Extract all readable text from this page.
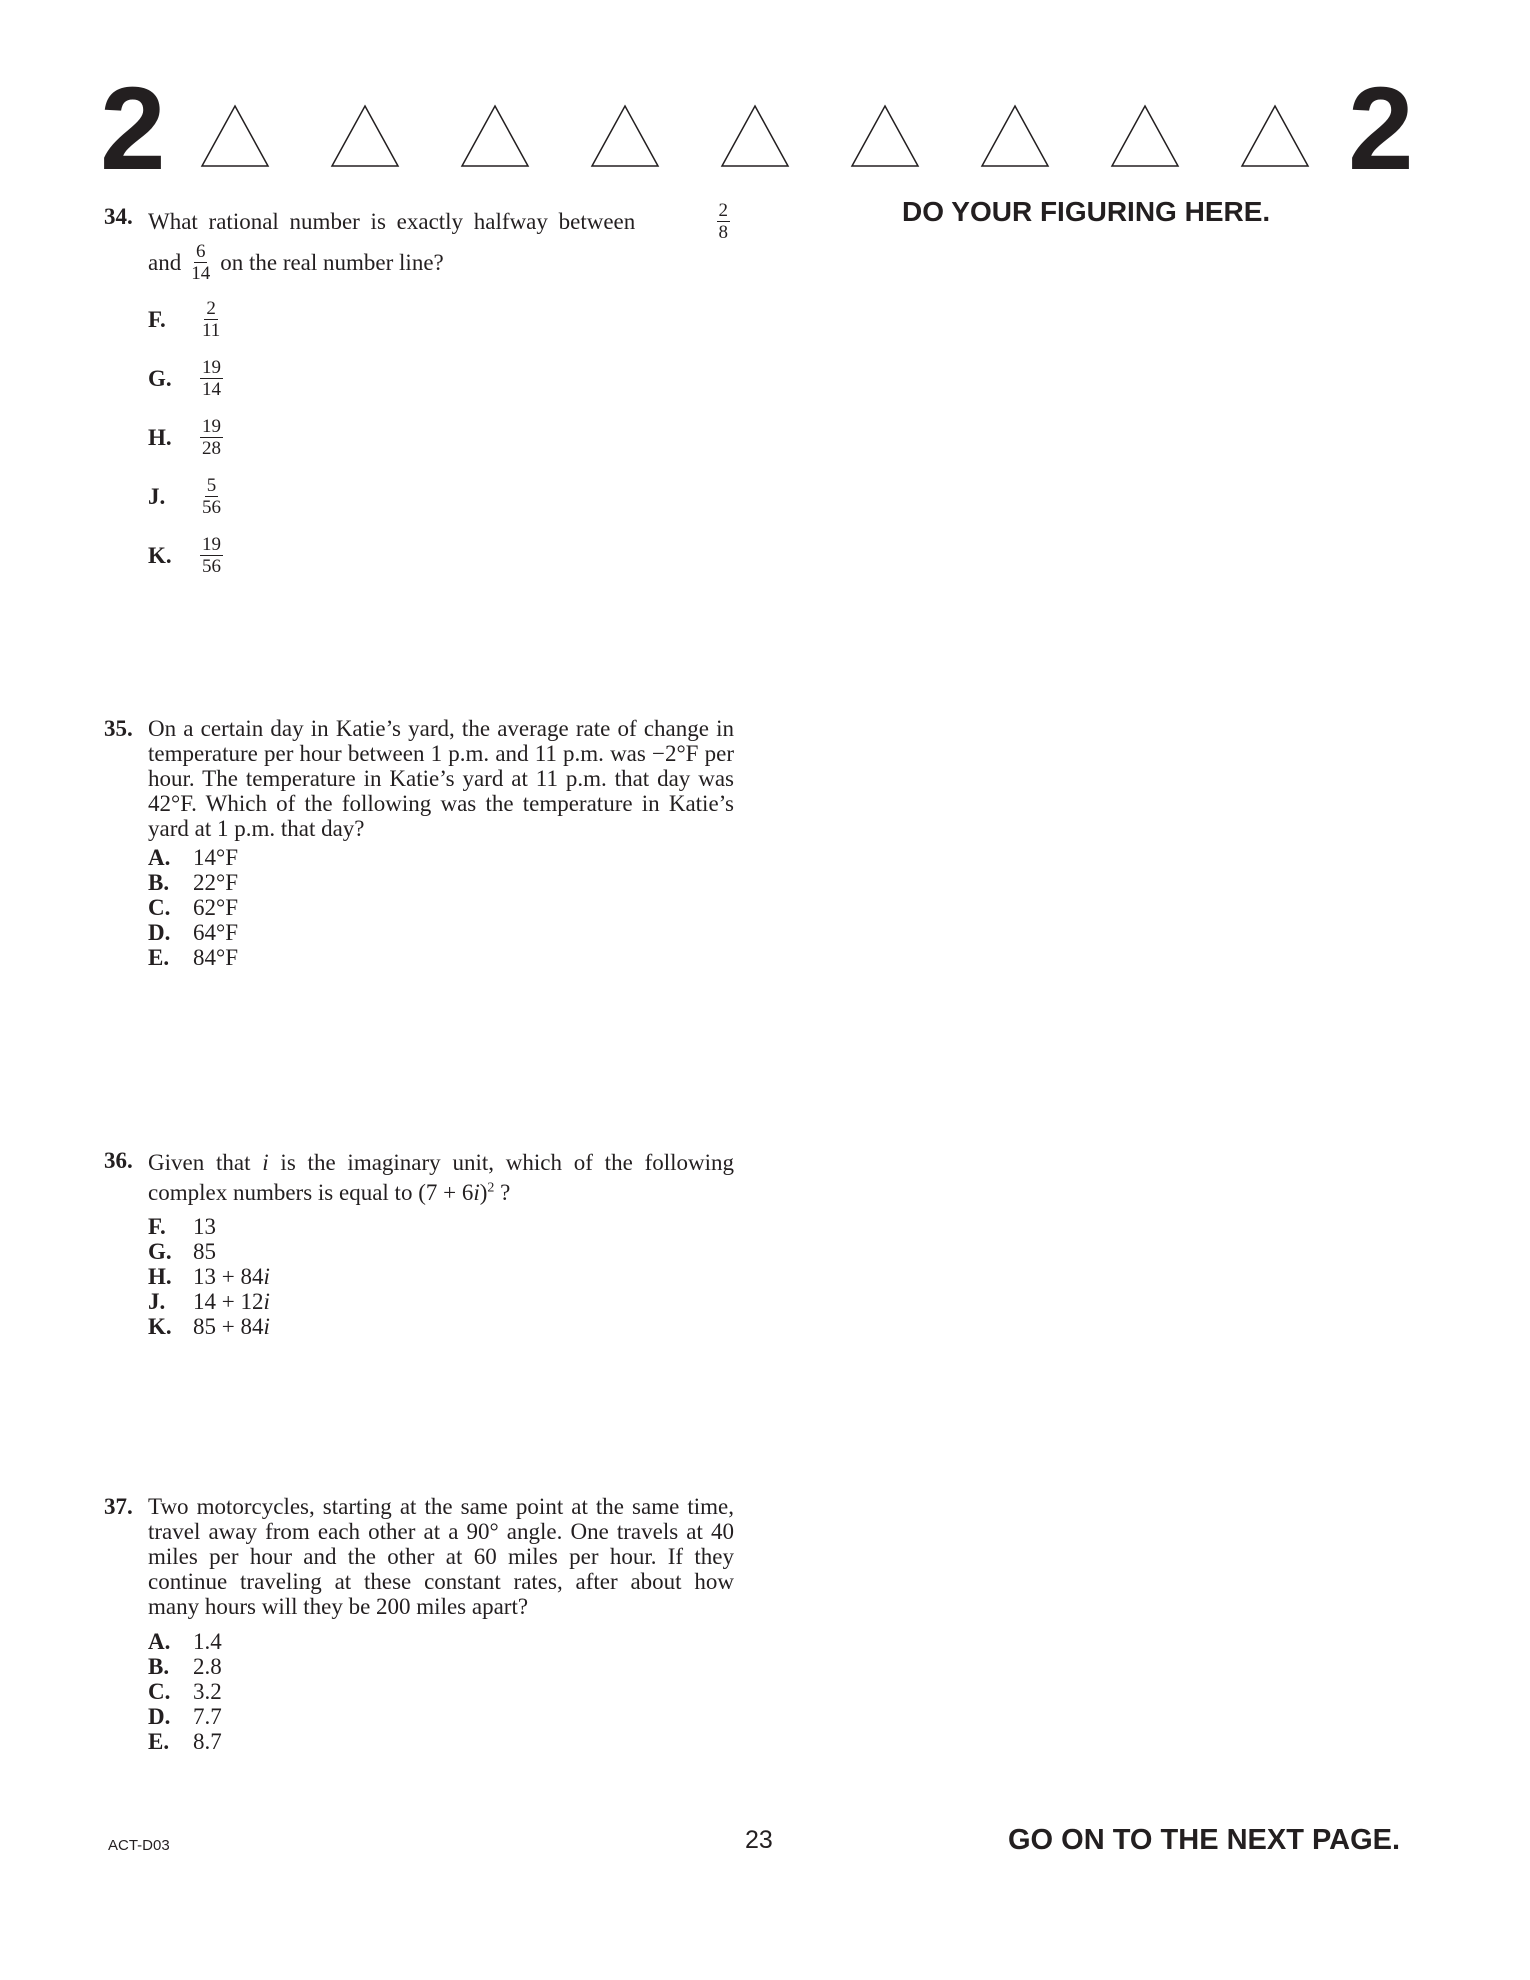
2	2
DO YOUR FIGURING HERE.
34. What rational number is exactly halfway between	$\frac{2}{8}$
and $\frac{6}{14}$ on the real number line?
F.	$\frac{2}{11}$
G.	$\frac{19}{14}$
H.	$\frac{19}{28}$
J.	$\frac{5}{56}$
K.	$\frac{19}{56}$
35. On a certain day in Katie’s yard, the average rate of change in temperature per hour between 1 p.m. and 11 p.m. was −2°F per hour. The temperature in Katie’s yard at 11 p.m. that day was 42°F. Which of the following was the temperature in Katie’s yard at 1 p.m. that day?
A. 14°F
B. 22°F
C. 62°F
D. 64°F
E. 84°F
36. Given that i is the imaginary unit, which of the following complex numbers is equal to $(7 + 6i)^2$ ?
F. 13
G. 85
H. 13 + 84i
J. 14 + 12i
K. 85 + 84i
37. Two motorcycles, starting at the same point at the same time, travel away from each other at a 90° angle. One travels at 40 miles per hour and the other at 60 miles per hour. If they continue traveling at these constant rates, after about how many hours will they be 200 miles apart?
A. 1.4
B. 2.8
C. 3.2
D. 7.7
E. 8.7
ACT-D03	23	GO ON TO THE NEXT PAGE.
